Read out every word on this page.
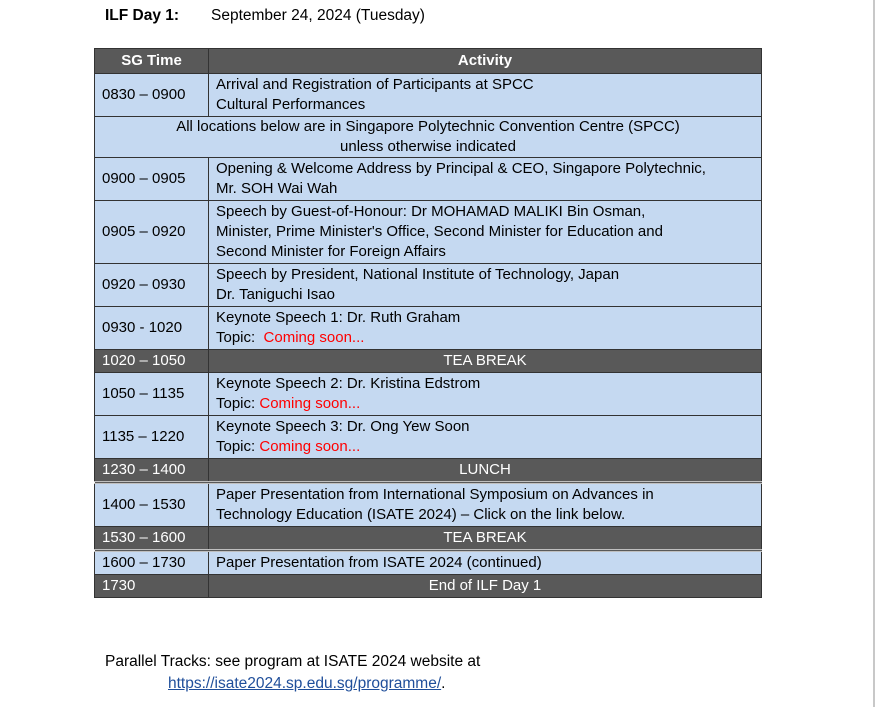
ILF Day 1: September 24, 2024 (Tuesday)
SG Time	Activity
0830 – 0900	Arrival and Registration of Participants at SPCC
Cultural Performances

All locations below are in Singapore Polytechnic Convention Centre (SPCC)
unless otherwise indicated	

0900 – 0905	Opening & Welcome Address by Principal & CEO, Singapore Polytechnic,
Mr. SOH Wai Wah

0905 – 0920	Speech by Guest-of-Honour: Dr MOHAMAD MALIKI Bin Osman,
Minister, Prime Minister's Office, Second Minister for Education and
Second Minister for Foreign Affairs

0920 – 0930	Speech by President, National Institute of Technology, Japan
Dr. Taniguchi Isao

0930 - 1020	Keynote Speech 1: Dr. Ruth Graham
Topic: Coming soon...

1020 – 1050	TEA BREAK
1050 – 1135	Keynote Speech 2: Dr. Kristina Edstrom
Topic: Coming soon...

1135 – 1220	Keynote Speech 3: Dr. Ong Yew Soon
Topic: Coming soon...

1230 – 1400	LUNCH
1400 – 1530	Paper Presentation from International Symposium on Advances in
Technology Education (ISATE 2024) – Click on the link below.

1530 – 1600	TEA BREAK
1600 – 1730	Paper Presentation from ISATE 2024 (continued)

1730	End of ILF Day 1
Parallel Tracks: see program at ISATE 2024 website at
https://isate2024.sp.edu.sg/programme/.
